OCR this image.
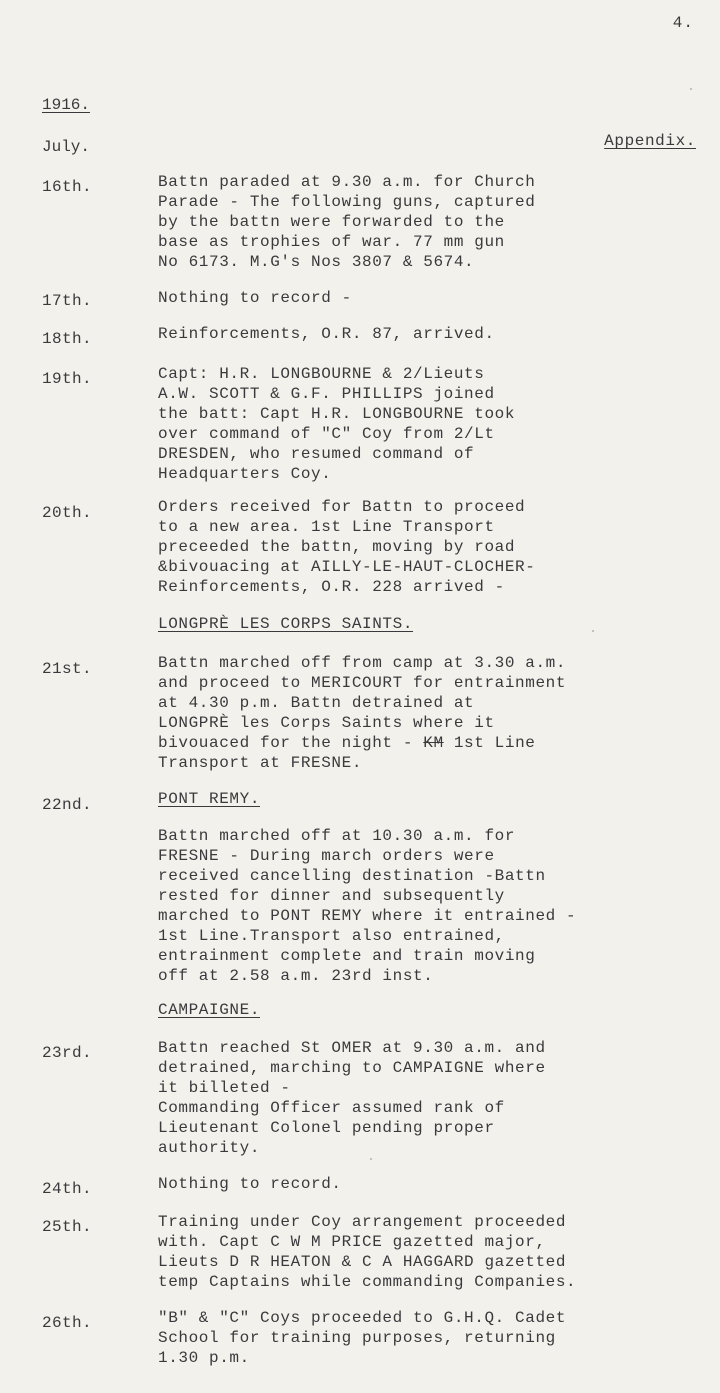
4.
1916.
July.	Appendix.
16th.	Battn paraded at 9.30 a.m. for Church
Parade - The following guns, captured
by the battn were forwarded to the
base as trophies of war. 77 mm gun
No 6173. M.G's Nos 3807 & 5674.
17th.	Nothing to record -
18th.	Reinforcements, O.R. 87, arrived.
19th.	Capt: H.R. LONGBOURNE & 2/Lieuts
A.W. SCOTT & G.F. PHILLIPS joined
the batt: Capt H.R. LONGBOURNE took
over command of "C" Coy from 2/Lt
DRESDEN, who resumed command of
Headquarters Coy.
20th.	Orders received for Battn to proceed
to a new area. 1st Line Transport
preceeded the battn, moving by road
&bivouacing at AILLY-LE-HAUT-CLOCHER-
Reinforcements, O.R. 228 arrived -
LONGPRÈ LES CORPS SAINTS.
21st.	Battn marched off from camp at 3.30 a.m.
and proceed to MERICOURT for entrainment
at 4.30 p.m. Battn detrained at
LONGPRÈ les Corps Saints where it
bivouaced for the night - KM 1st Line
Transport at FRESNE.
22nd.	PONT REMY.
Battn marched off at 10.30 a.m. for
FRESNE - During march orders were
received cancelling destination -Battn
rested for dinner and subsequently
marched to PONT REMY where it entrained -
1st Line.Transport also entrained,
entrainment complete and train moving
off at 2.58 a.m. 23rd inst.
CAMPAIGNE.
23rd.	Battn reached St OMER at 9.30 a.m. and
detrained, marching to CAMPAIGNE where
it billeted -
Commanding Officer assumed rank of
Lieutenant Colonel pending proper
authority.
24th.	Nothing to record.
25th.	Training under Coy arrangement proceeded
with. Capt C W M PRICE gazetted major,
Lieuts D R HEATON & C A HAGGARD gazetted
temp Captains while commanding Companies.
26th.	"B" & "C" Coys proceeded to G.H.Q. Cadet
School for training purposes, returning
1.30 p.m.
